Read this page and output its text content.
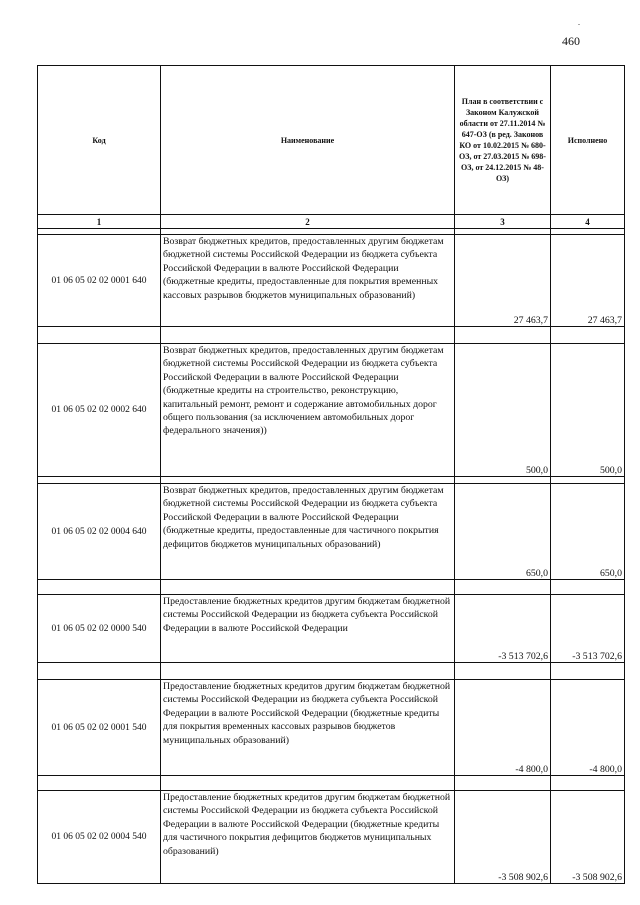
.
460
Код	Наименование	План в соответствии с Законом Калужской области от 27.11.2014 № 647-ОЗ (в ред. Законов КО от 10.02.2015 № 680-ОЗ, от 27.03.2015 № 698-ОЗ, от 24.12.2015 № 48-ОЗ)	Исполнено
1	2	3	4

01 06 05 02 02 0001 640	Возврат бюджетных кредитов, предоставленных другим бюджетам бюджетной системы Российской Федерации из бюджета субъекта Российской Федерации в валюте Российской Федерации (бюджетные кредиты, предоставленные для покрытия временных кассовых разрывов бюджетов муниципальных образований)	27 463,7	27 463,7

01 06 05 02 02 0002 640	Возврат бюджетных кредитов, предоставленных другим бюджетам бюджетной системы Российской Федерации из бюджета субъекта Российской Федерации в валюте Российской Федерации (бюджетные кредиты на строительство, реконструкцию, капитальный ремонт, ремонт и содержание автомобильных дорог общего пользования (за исключением автомобильных дорог федерального значения))	500,0	500,0

01 06 05 02 02 0004 640	Возврат бюджетных кредитов, предоставленных другим бюджетам бюджетной системы Российской Федерации из бюджета субъекта Российской Федерации в валюте Российской Федерации (бюджетные кредиты, предоставленные для частичного покрытия дефицитов бюджетов муниципальных образований)	650,0	650,0

01 06 05 02 02 0000 540	Предоставление бюджетных кредитов другим бюджетам бюджетной системы Российской Федерации из бюджета субъекта Российской Федерации в валюте Российской Федерации	-3 513 702,6	-3 513 702,6

01 06 05 02 02 0001 540	Предоставление бюджетных кредитов другим бюджетам бюджетной системы Российской Федерации из бюджета субъекта Российской Федерации в валюте Российской Федерации (бюджетные кредиты для покрытия временных кассовых разрывов бюджетов муниципальных образований)	-4 800,0	-4 800,0

01 06 05 02 02 0004 540	Предоставление бюджетных кредитов другим бюджетам бюджетной системы Российской Федерации из бюджета субъекта Российской Федерации в валюте Российской Федерации (бюджетные кредиты для частичного покрытия дефицитов бюджетов муниципальных образований)	-3 508 902,6	-3 508 902,6
